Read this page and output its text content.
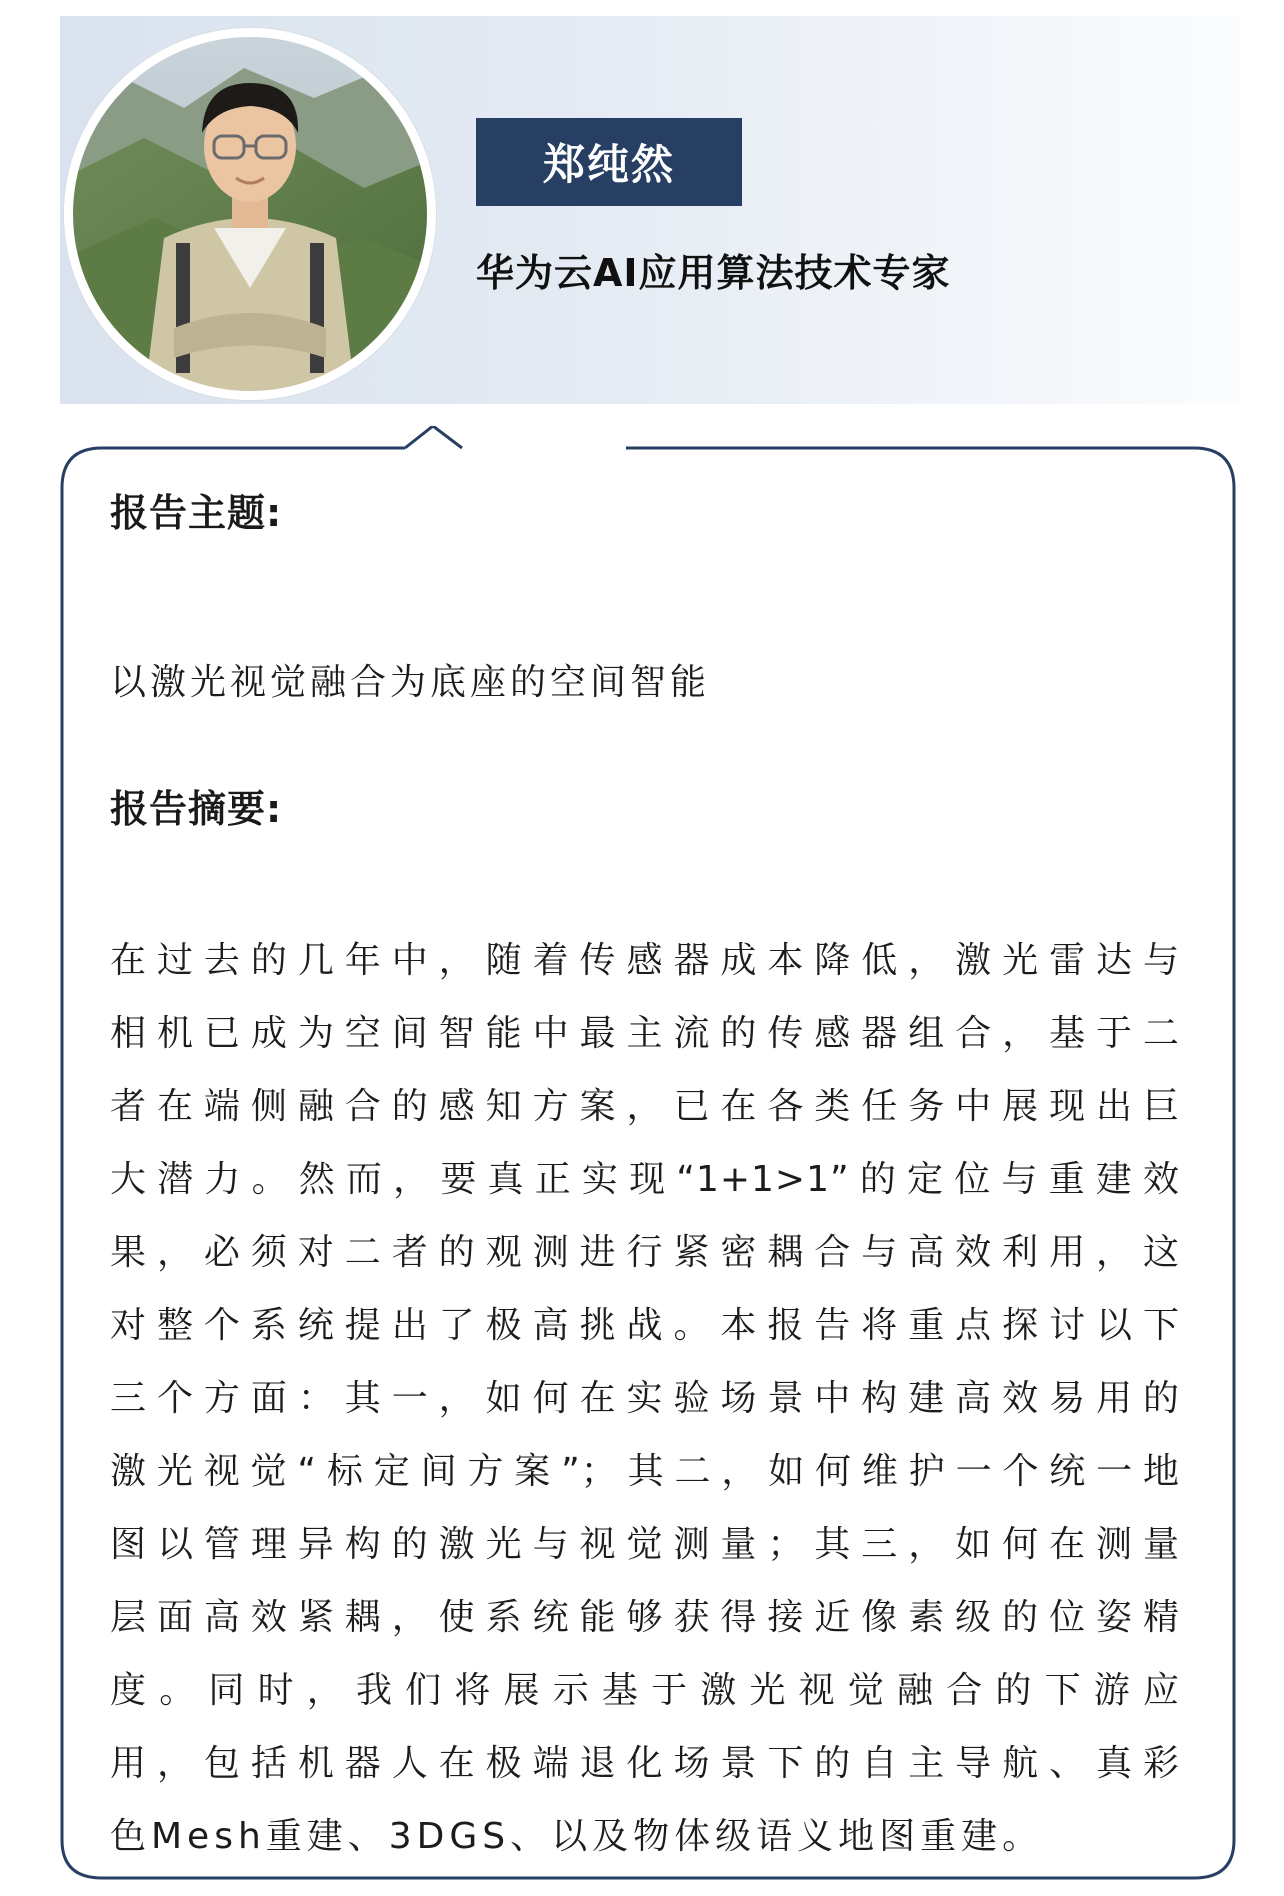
郑纯然
华为云AI应用算法技术专家
报告主题:
以激光视觉融合为底座的空间智能
报告摘要:
在过去的几年中，随着传感器成本降低，激光雷达与
相机已成为空间智能中最主流的传感器组合，基于二
者在端侧融合的感知方案，已在各类任务中展现出巨
大潜力。然而，要真正实现“1+1>1”的定位与重建效
果，必须对二者的观测进行紧密耦合与高效利用，这
对整个系统提出了极高挑战。本报告将重点探讨以下
三个方面：其一，如何在实验场景中构建高效易用的
激光视觉“标定间方案”；其二，如何维护一个统一地
图以管理异构的激光与视觉测量；其三，如何在测量
层面高效紧耦，使系统能够获得接近像素级的位姿精
度。同时，我们将展示基于激光视觉融合的下游应
用，包括机器人在极端退化场景下的自主导航、真彩
色Mesh重建、3DGS、以及物体级语义地图重建。
